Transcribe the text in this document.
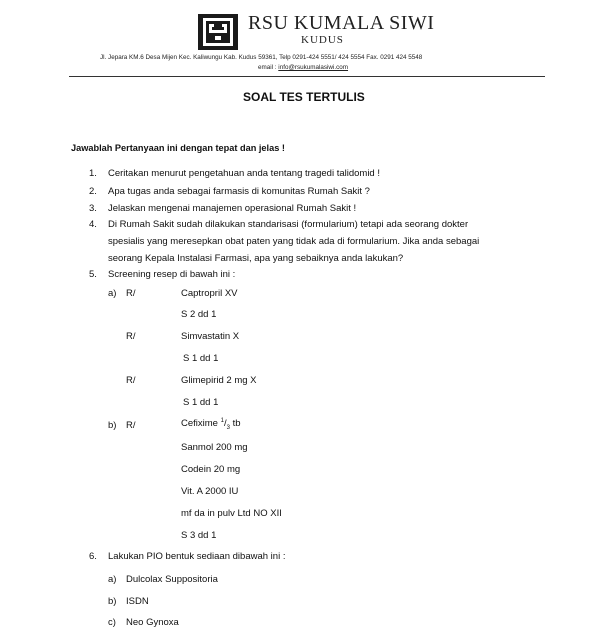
RSU KUMALA SIWI
KUDUS
Jl. Jepara KM.6 Desa Mijen Kec. Kaliwungu Kab. Kudus 59361, Telp 0291-424 5551/ 424 5554 Fax. 0291 424 5548
email : info@rsukumalasiwi.com
SOAL TES TERTULIS
Jawablah Pertanyaan ini dengan tepat dan jelas !
1. Ceritakan menurut pengetahuan anda tentang tragedi talidomid !
2. Apa tugas anda sebagai farmasis di komunitas Rumah Sakit ?
3. Jelaskan mengenai manajemen operasional Rumah Sakit !
4. Di Rumah Sakit sudah dilakukan standarisasi (formularium) tetapi ada seorang dokter
spesialis yang meresepkan obat paten yang tidak ada di formularium. Jika anda sebagai
seorang Kepala Instalasi Farmasi, apa yang sebaiknya anda lakukan?
5. Screening resep di bawah ini :
a) R/	Captropril XV
S 2 dd 1
R/	Simvastatin X
S 1 dd 1
R/	Glimepirid 2 mg X
S 1 dd 1
b) R/	Cefixime $^1/_3$ tb
Sanmol 200 mg
Codein 20 mg
Vit. A 2000 IU
mf da in pulv Ltd NO XII
S 3 dd 1
6. Lakukan PIO bentuk sediaan dibawah ini :
a) Dulcolax Suppositoria
b) ISDN
c) Neo Gynoxa
